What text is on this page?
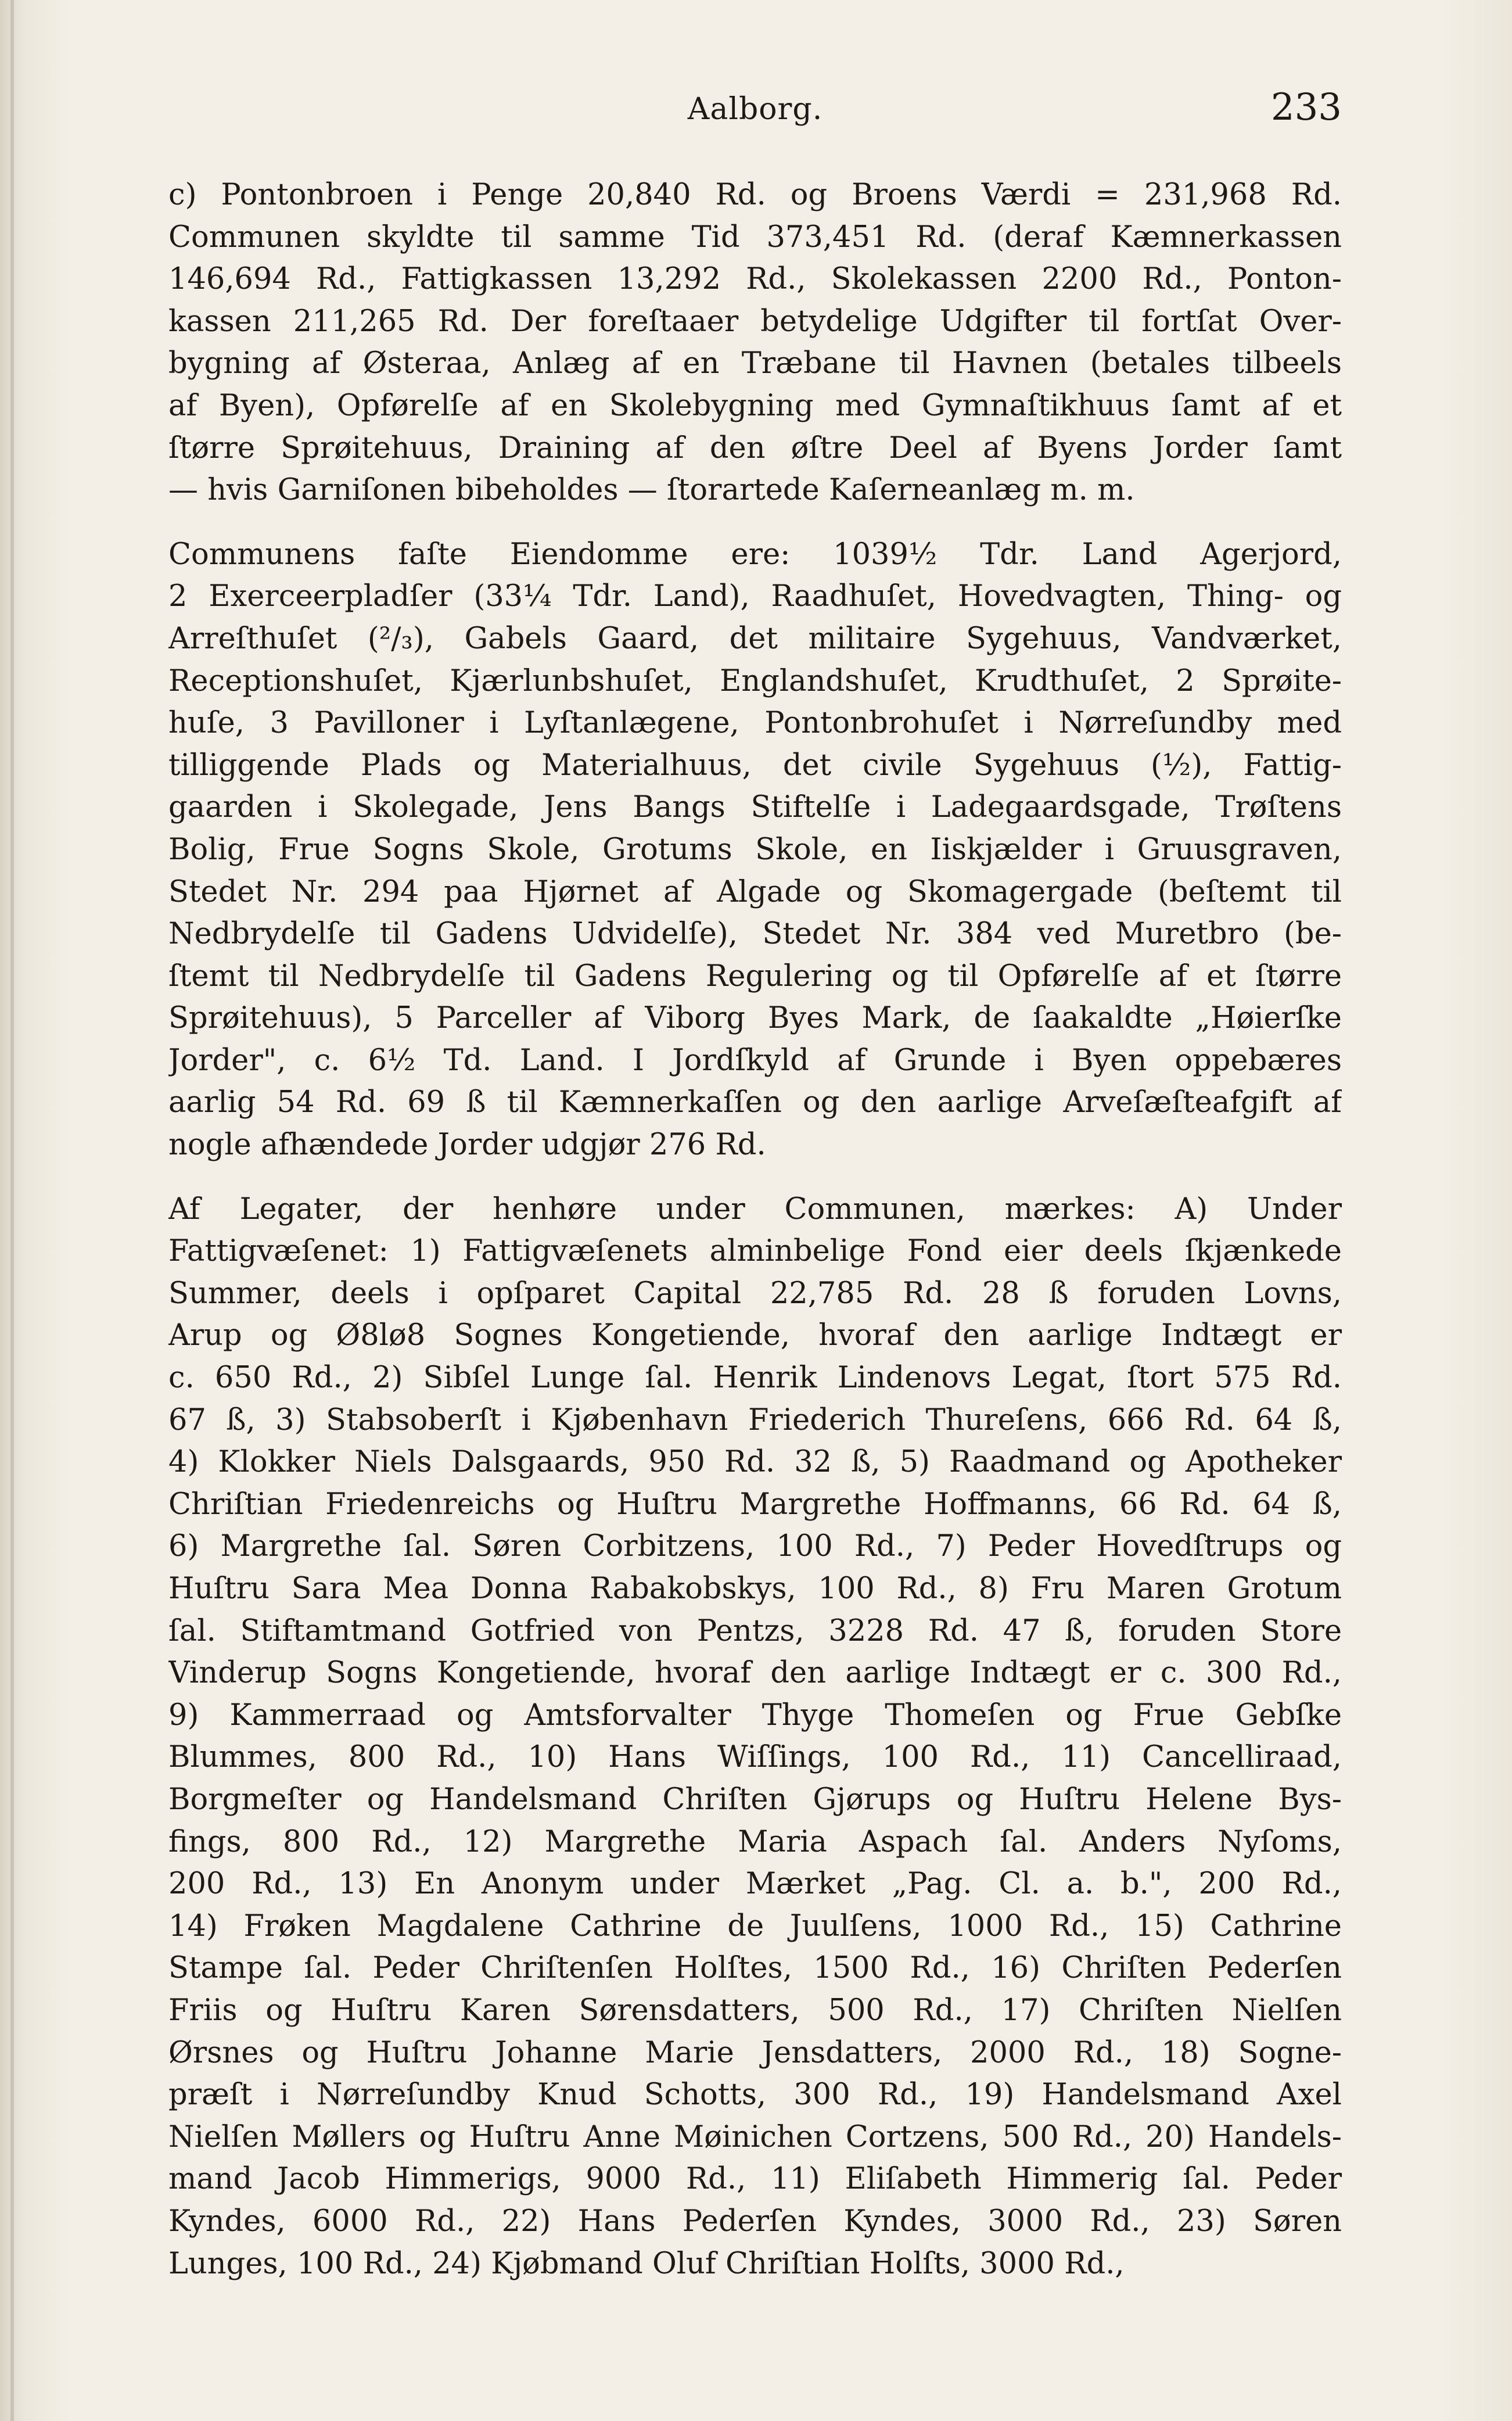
Aalborg.	233
c) Pontonbroen i Penge 20,840 Rd. og Broens Værdi = 231,968 Rd.
Communen skyldte til samme Tid 373,451 Rd. (deraf Kæmnerkassen
146,694 Rd., Fattigkassen 13,292 Rd., Skolekassen 2200 Rd., Ponton-
kassen 211,265 Rd. Der foreſtaaer betydelige Udgifter til fortſat Over-
bygning af Østeraa, Anlæg af en Træbane til Havnen (betales tilbeels
af Byen), Opførelſe af en Skolebygning med Gymnaſtikhuus ſamt af et
ſtørre Sprøitehuus, Draining af den øſtre Deel af Byens Jorder ſamt
— hvis Garniſonen bibeholdes — ſtorartede Kaſerneanlæg m. m.
Communens faſte Eiendomme ere: 1039½ Tdr. Land Agerjord,
2 Exerceerpladſer (33¼ Tdr. Land), Raadhuſet, Hovedvagten, Thing- og
Arreſthuſet (²/₃), Gabels Gaard, det militaire Sygehuus, Vandværket,
Receptionshuſet, Kjærlunbshuſet, Englandshuſet, Krudthuſet, 2 Sprøite-
huſe, 3 Pavilloner i Lyſtanlægene, Pontonbrohuſet i Nørreſundby med
tilliggende Plads og Materialhuus, det civile Sygehuus (½), Fattig-
gaarden i Skolegade, Jens Bangs Stiftelſe i Ladegaardsgade, Trøſtens
Bolig, Frue Sogns Skole, Grotums Skole, en Iiskjælder i Gruusgraven,
Stedet Nr. 294 paa Hjørnet af Algade og Skomagergade (beſtemt til
Nedbrydelſe til Gadens Udvidelſe), Stedet Nr. 384 ved Muretbro (be-
ſtemt til Nedbrydelſe til Gadens Regulering og til Opførelſe af et ſtørre
Sprøitehuus), 5 Parceller af Viborg Byes Mark, de ſaakaldte „Høierſke
Jorder", c. 6½ Td. Land. I Jordſkyld af Grunde i Byen oppebæres
aarlig 54 Rd. 69 ß til Kæmnerkaſſen og den aarlige Arveſæſteafgift af
nogle afhændede Jorder udgjør 276 Rd.
Af Legater, der henhøre under Communen, mærkes: A) Under
Fattigvæſenet: 1) Fattigvæſenets alminbelige Fond eier deels ſkjænkede
Summer, deels i opſparet Capital 22,785 Rd. 28 ß foruden Lovns,
Arup og Ø8lø8 Sognes Kongetiende, hvoraf den aarlige Indtægt er
c. 650 Rd., 2) Sibſel Lunge ſal. Henrik Lindenovs Legat, ſtort 575 Rd.
67 ß, 3) Stabsoberſt i Kjøbenhavn Friederich Thureſens, 666 Rd. 64 ß,
4) Klokker Niels Dalsgaards, 950 Rd. 32 ß, 5) Raadmand og Apotheker
Chriſtian Friedenreichs og Huſtru Margrethe Hoffmanns, 66 Rd. 64 ß,
6) Margrethe ſal. Søren Corbitzens, 100 Rd., 7) Peder Hovedſtrups og
Huſtru Sara Mea Donna Rabakobskys, 100 Rd., 8) Fru Maren Grotum
ſal. Stiftamtmand Gotfried von Pentzs, 3228 Rd. 47 ß, foruden Store
Vinderup Sogns Kongetiende, hvoraf den aarlige Indtægt er c. 300 Rd.,
9) Kammerraad og Amtsforvalter Thyge Thomeſen og Frue Gebſke
Blummes, 800 Rd., 10) Hans Wiſſings, 100 Rd., 11) Cancelliraad,
Borgmeſter og Handelsmand Chriſten Gjørups og Huſtru Helene Bys-
fings, 800 Rd., 12) Margrethe Maria Aspach ſal. Anders Nyſoms,
200 Rd., 13) En Anonym under Mærket „Pag. Cl. a. b.", 200 Rd.,
14) Frøken Magdalene Cathrine de Juulſens, 1000 Rd., 15) Cathrine
Stampe ſal. Peder Chriſtenſen Holſtes, 1500 Rd., 16) Chriſten Pederſen
Friis og Huſtru Karen Sørensdatters, 500 Rd., 17) Chriſten Nielſen
Ørsnes og Huſtru Johanne Marie Jensdatters, 2000 Rd., 18) Sogne-
præſt i Nørreſundby Knud Schotts, 300 Rd., 19) Handelsmand Axel
Nielſen Møllers og Huſtru Anne Møinichen Cortzens, 500 Rd., 20) Handels-
mand Jacob Himmerigs, 9000 Rd., 11) Eliſabeth Himmerig ſal. Peder
Kyndes, 6000 Rd., 22) Hans Pederſen Kyndes, 3000 Rd., 23) Søren
Lunges, 100 Rd., 24) Kjøbmand Oluf Chriſtian Holſts, 3000 Rd.,
